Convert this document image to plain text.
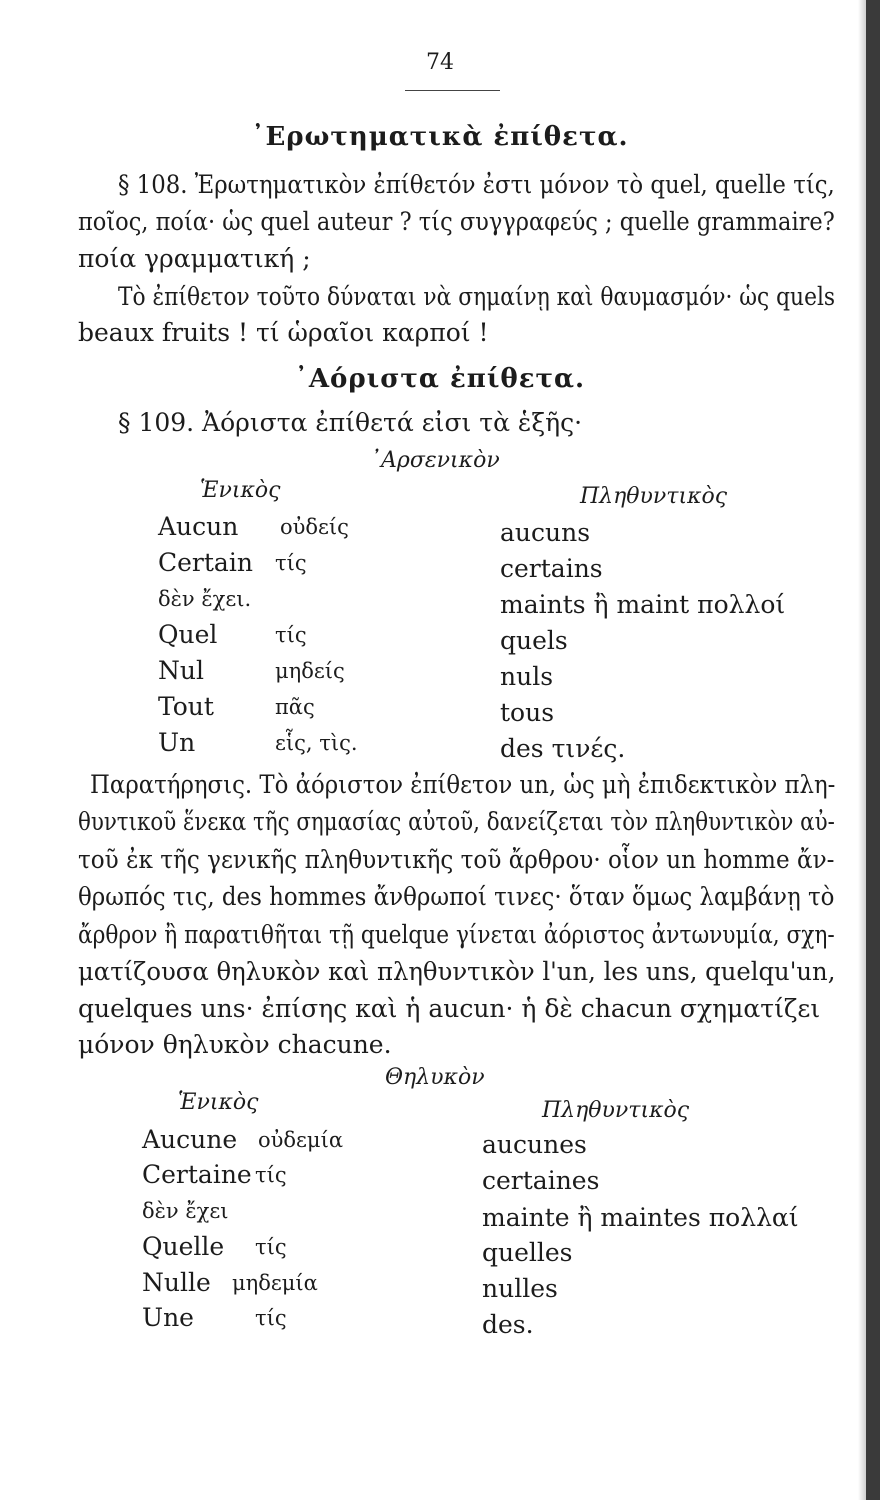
74
᾿Ερωτηματικὰ ἐπίθετα.
§ 108. Ἐρωτηματικὸν ἐπίθετόν ἐστι μόνον τὸ quel, quelle τίς,
ποῖος, ποία· ὡς quel auteur ? τίς συγγραφεύς ; quelle grammaire?
ποία γραμματική ;
Τὸ ἐπίθετον τοῦτο δύναται νὰ σημαίνῃ καὶ θαυμασμόν· ὡς quels
beaux fruits ! τί ὡραῖοι καρποί !
᾿Αόριστα ἐπίθετα.
§ 109. Ἀόριστα ἐπίθετά εἰσι τὰ ἑξῆς·
᾿Αρσενικὸν
Ἑνικὸς	Πληθυντικὸς
Aucun οὐδείς	aucuns
Certain τίς	certains
δὲν ἔχει.	maints ἢ maint πολλοί
Quel	τίς	quels
Nul	μηδείς	nuls
Tout	πᾶς	tous
Un	εἷς, τὶς.	des τινές.
Παρατήρησις. Τὸ ἀόριστον ἐπίθετον un, ὡς μὴ ἐπιδεκτικὸν πλη-
θυντικοῦ ἕνεκα τῆς σημασίας αὐτοῦ, δανείζεται τὸν πληθυντικὸν αὐ-
τοῦ ἐκ τῆς γενικῆς πληθυντικῆς τοῦ ἄρθρου· οἷον un homme ἄν-
θρωπός τις, des hommes ἄνθρωποί τινες· ὅταν ὅμως λαμβάνῃ τὸ
ἄρθρον ἢ παρατιθῆται τῇ quelque γίνεται ἀόριστος ἀντωνυμία, σχη-
ματίζουσα θηλυκὸν καὶ πληθυντικὸν l'un, les uns, quelqu'un,
quelques uns· ἐπίσης καὶ ἡ aucun· ἡ δὲ chacun σχηματίζει
μόνον θηλυκὸν chacune.
Θηλυκὸν
Ἑνικὸς	Πληθυντικὸς
Aucune οὐδεμία	aucunes
Certaine τίς	certaines
δὲν ἔχει	mainte ἢ maintes πολλαί
Quelle τίς	quelles
Nulle μηδεμία	nulles
Une	τίς	des.
